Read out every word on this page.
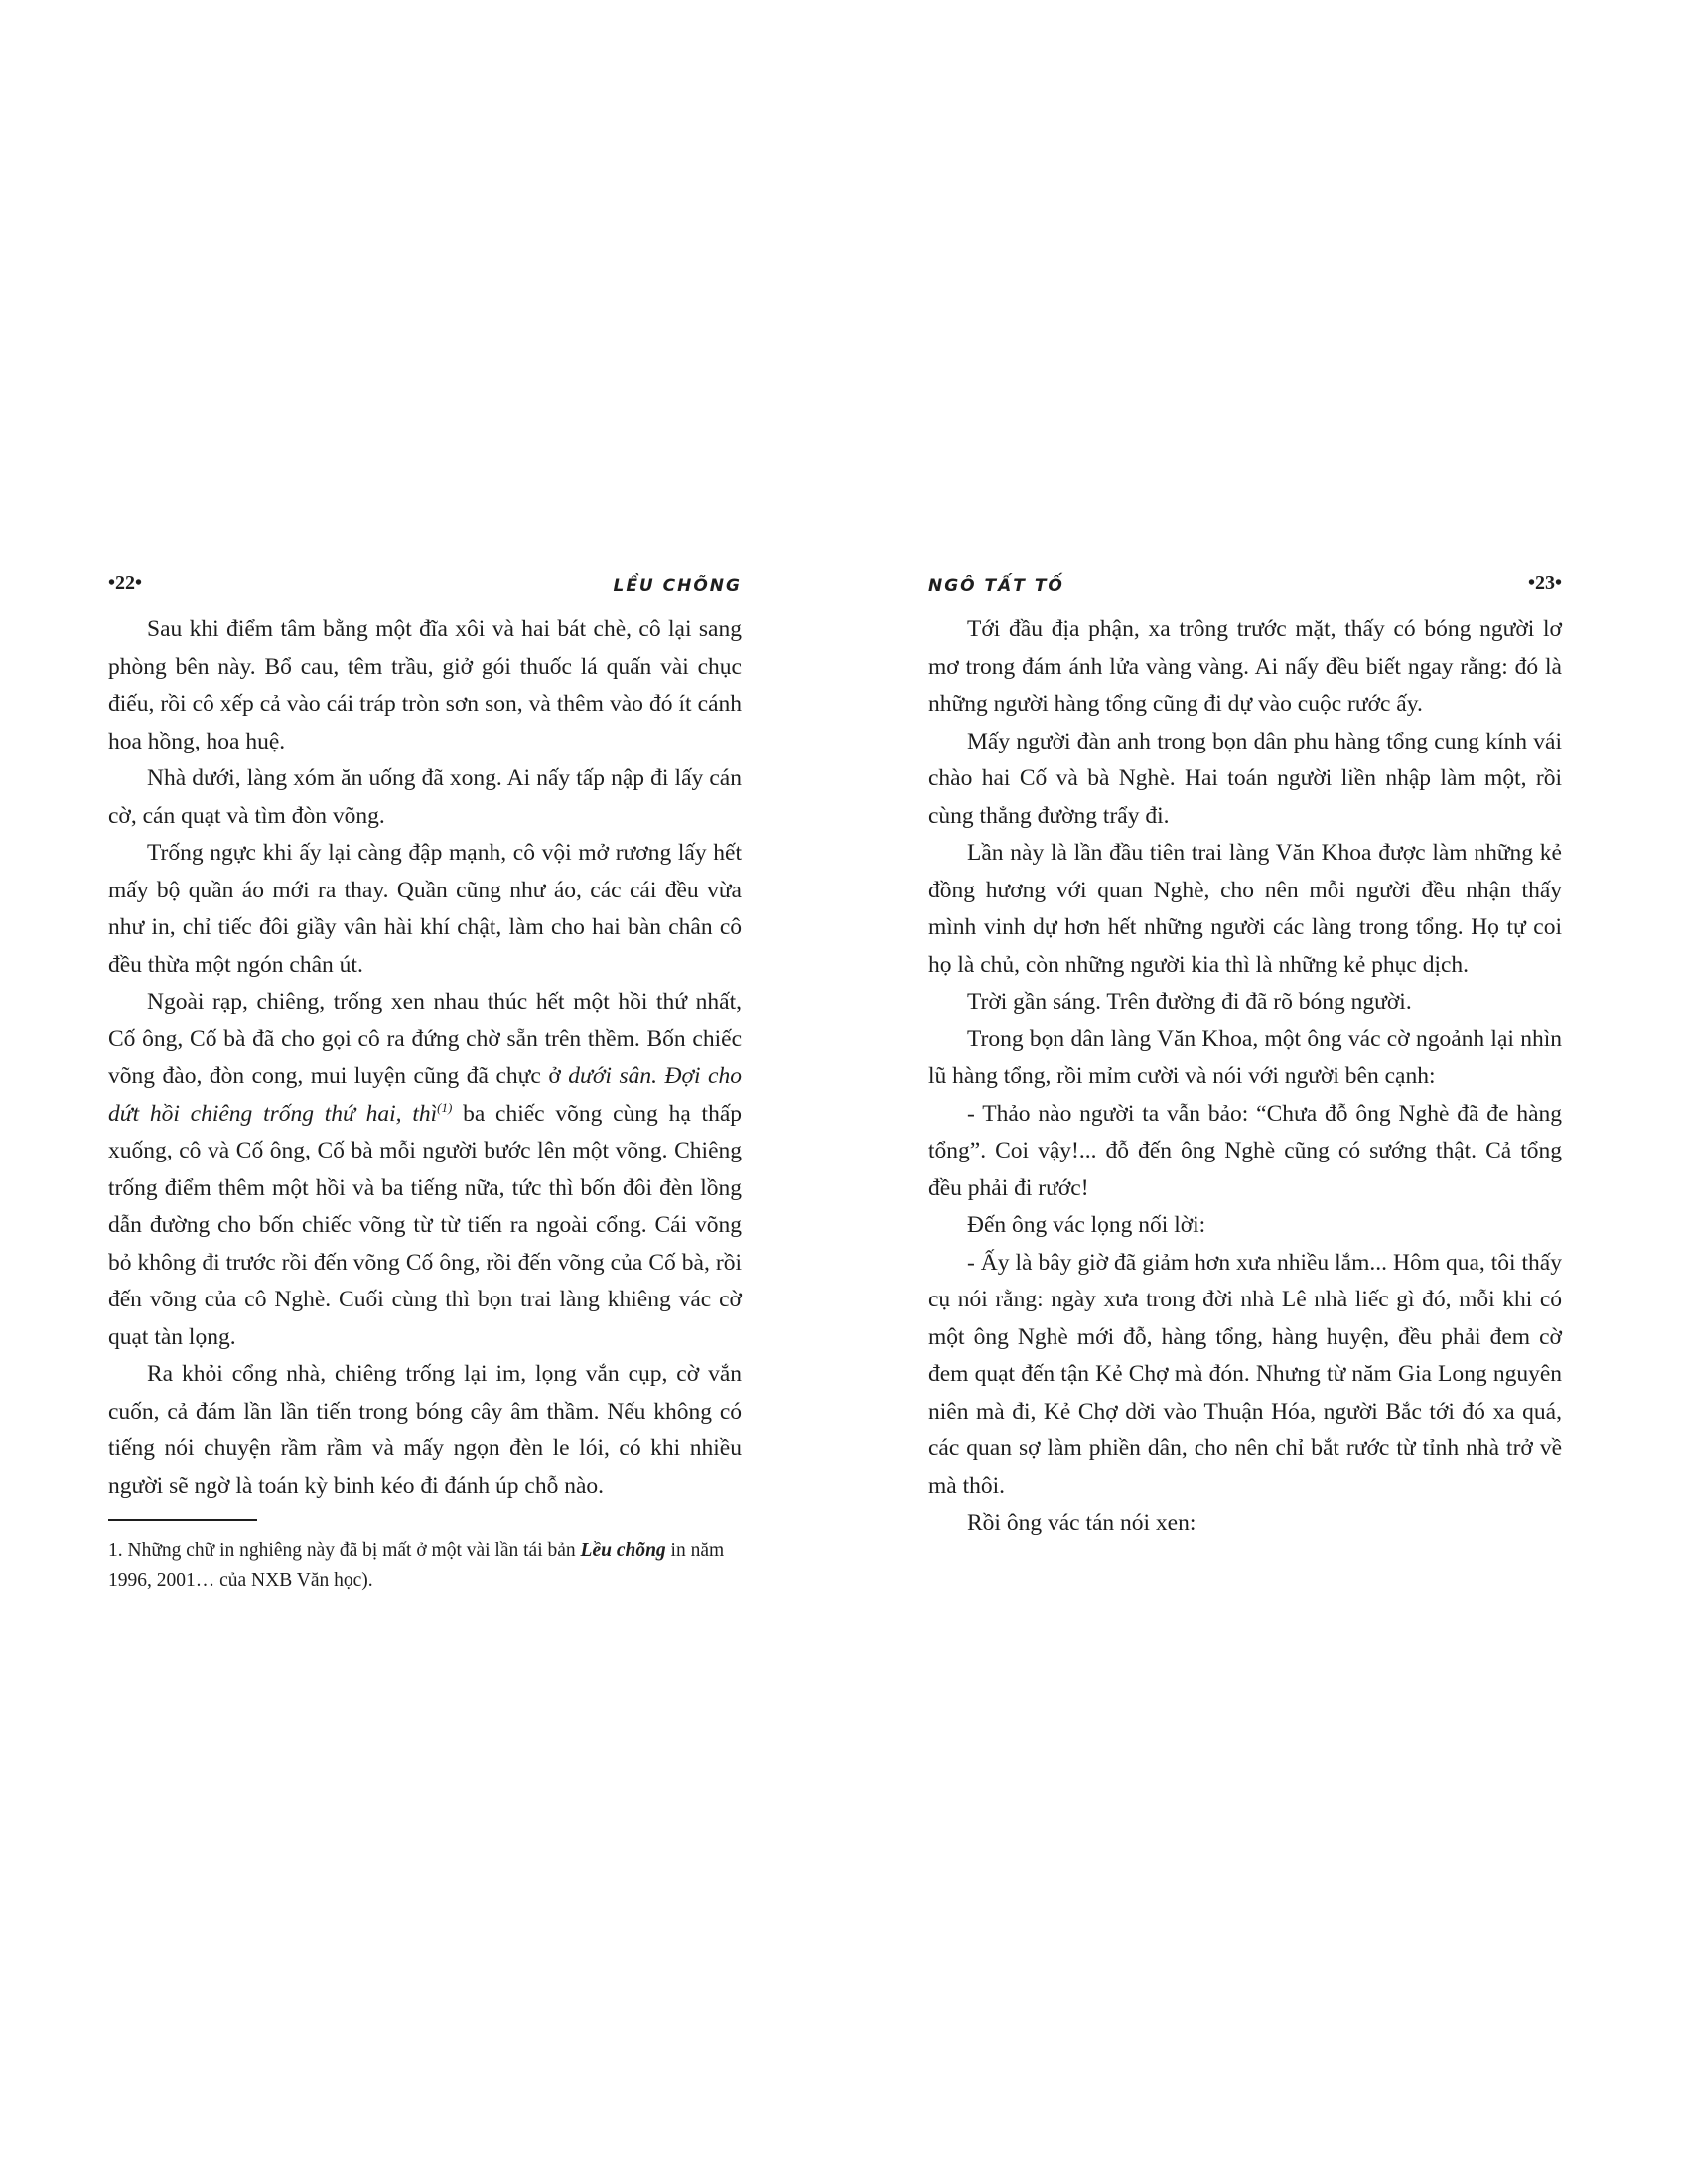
•22•	LỀU CHÕNG

Sau khi điểm tâm bằng một đĩa xôi và hai bát chè, cô lại sang phòng bên này. Bổ cau, têm trầu, giở gói thuốc lá quấn vài chục điếu, rồi cô xếp cả vào cái tráp tròn sơn son, và thêm vào đó ít cánh hoa hồng, hoa huệ.

Nhà dưới, làng xóm ăn uống đã xong. Ai nấy tấp nập đi lấy cán cờ, cán quạt và tìm đòn võng.

Trống ngực khi ấy lại càng đập mạnh, cô vội mở rương lấy hết mấy bộ quần áo mới ra thay. Quần cũng như áo, các cái đều vừa như in, chỉ tiếc đôi giầy vân hài khí chật, làm cho hai bàn chân cô đều thừa một ngón chân út.

Ngoài rạp, chiêng, trống xen nhau thúc hết một hồi thứ nhất, Cố ông, Cố bà đã cho gọi cô ra đứng chờ sẵn trên thềm. Bốn chiếc võng đào, đòn cong, mui luyện cũng đã chực ở dưới sân. Đợi cho dứt hồi chiêng trống thứ hai, thì$^{(1)}$ ba chiếc võng cùng hạ thấp xuống, cô và Cố ông, Cố bà mỗi người bước lên một võng. Chiêng trống điểm thêm một hồi và ba tiếng nữa, tức thì bốn đôi đèn lồng dẫn đường cho bốn chiếc võng từ từ tiến ra ngoài cổng. Cái võng bỏ không đi trước rồi đến võng Cố ông, rồi đến võng của Cố bà, rồi đến võng của cô Nghè. Cuối cùng thì bọn trai làng khiêng vác cờ quạt tàn lọng.

Ra khỏi cổng nhà, chiêng trống lại im, lọng vắn cụp, cờ vắn cuốn, cả đám lần lần tiến trong bóng cây âm thầm. Nếu không có tiếng nói chuyện rầm rầm và mấy ngọn đèn le lói, có khi nhiều người sẽ ngờ là toán kỳ binh kéo đi đánh úp chỗ nào.

1. Những chữ in nghiêng này đã bị mất ở một vài lần tái bản Lều chõng in năm 1996, 2001… của NXB Văn học).

NGÔ TẤT TỐ	•23•

Tới đầu địa phận, xa trông trước mặt, thấy có bóng người lơ mơ trong đám ánh lửa vàng vàng. Ai nấy đều biết ngay rằng: đó là những người hàng tổng cũng đi dự vào cuộc rước ấy.

Mấy người đàn anh trong bọn dân phu hàng tổng cung kính vái chào hai Cố và bà Nghè. Hai toán người liền nhập làm một, rồi cùng thẳng đường trẩy đi.

Lần này là lần đầu tiên trai làng Văn Khoa được làm những kẻ đồng hương với quan Nghè, cho nên mỗi người đều nhận thấy mình vinh dự hơn hết những người các làng trong tổng. Họ tự coi họ là chủ, còn những người kia thì là những kẻ phục dịch.

Trời gần sáng. Trên đường đi đã rõ bóng người.

Trong bọn dân làng Văn Khoa, một ông vác cờ ngoảnh lại nhìn lũ hàng tổng, rồi mỉm cười và nói với người bên cạnh:

- Thảo nào người ta vẫn bảo: “Chưa đỗ ông Nghè đã đe hàng tổng”. Coi vậy!... đỗ đến ông Nghè cũng có sướng thật. Cả tổng đều phải đi rước!

Đến ông vác lọng nối lời:

- Ấy là bây giờ đã giảm hơn xưa nhiều lắm... Hôm qua, tôi thấy cụ nói rằng: ngày xưa trong đời nhà Lê nhà liếc gì đó, mỗi khi có một ông Nghè mới đỗ, hàng tổng, hàng huyện, đều phải đem cờ đem quạt đến tận Kẻ Chợ mà đón. Nhưng từ năm Gia Long nguyên niên mà đi, Kẻ Chợ dời vào Thuận Hóa, người Bắc tới đó xa quá, các quan sợ làm phiền dân, cho nên chỉ bắt rước từ tỉnh nhà trở về mà thôi.

Rồi ông vác tán nói xen:
